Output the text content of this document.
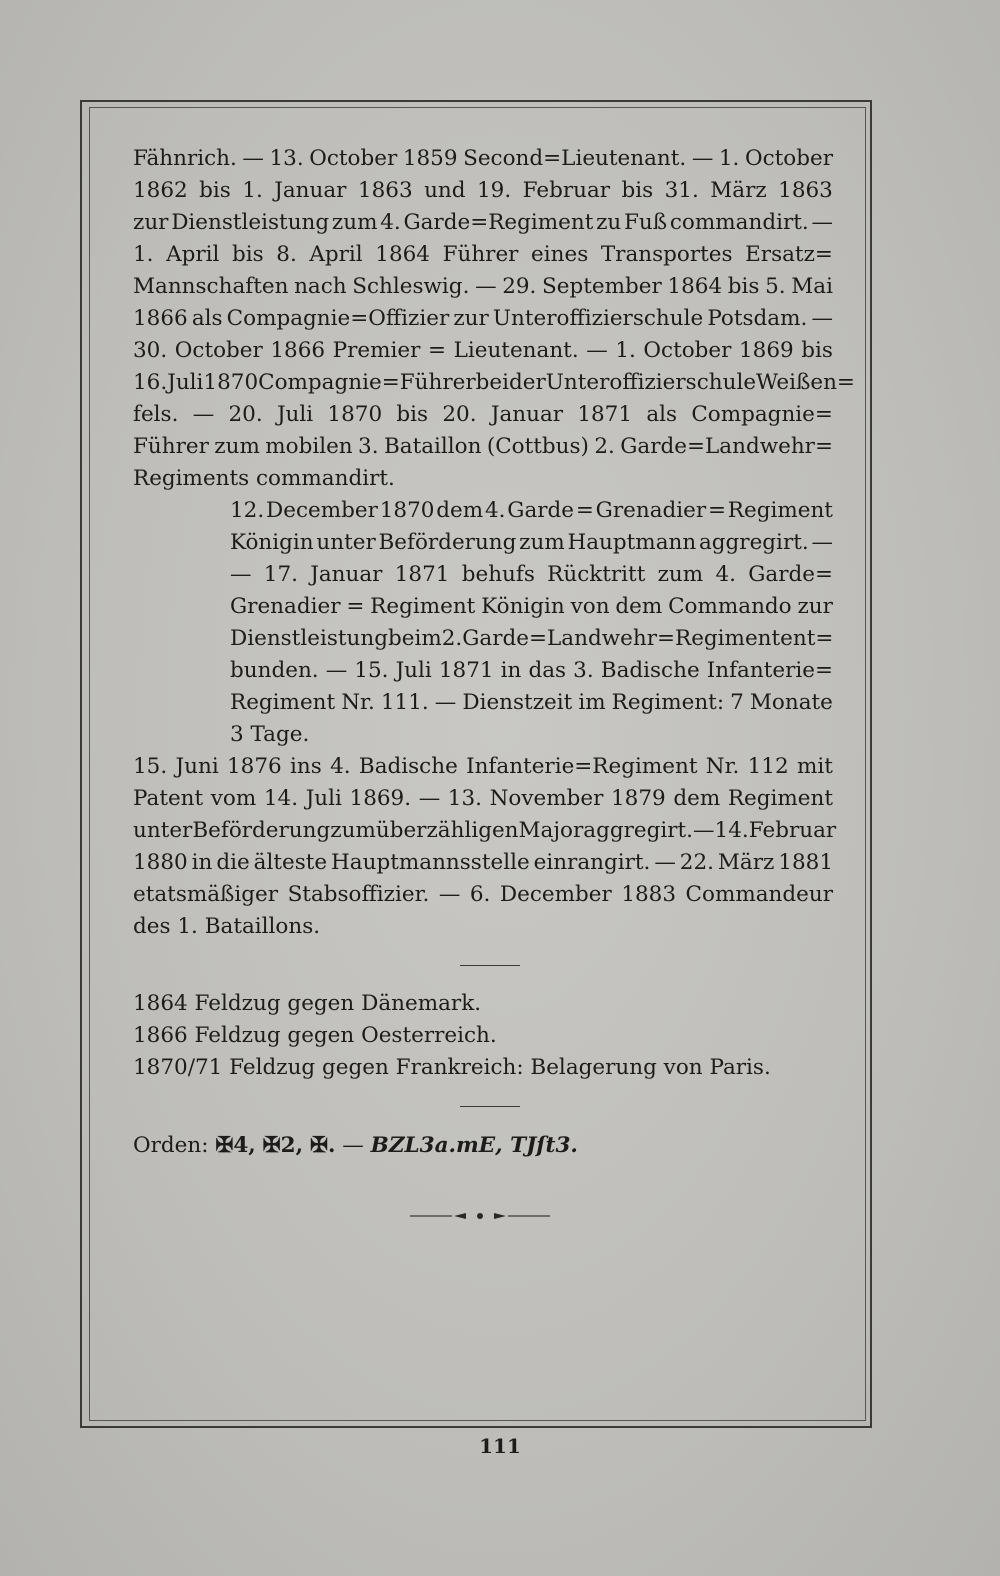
Fähnrich. — 13. October 1859 Second=Lieutenant. — 1. October
1862 bis 1. Januar 1863 und 19. Februar bis 31. März 1863
zur Dienstleistung zum 4. Garde=Regiment zu Fuß commandirt. —
1. April bis 8. April 1864 Führer eines Transportes Ersatz=
Mannschaften nach Schleswig. — 29. September 1864 bis 5. Mai
1866 als Compagnie=Offizier zur Unteroffizierschule Potsdam. —
30. October 1866 Premier = Lieutenant. — 1. October 1869 bis
16. Juli 1870 Compagnie=Führer bei der Unteroffizierschule Weißen=
fels. — 20. Juli 1870 bis 20. Januar 1871 als Compagnie=
Führer zum mobilen 3. Bataillon (Cottbus) 2. Garde=Landwehr=
Regiments commandirt.
12. December 1870 dem 4. Garde = Grenadier = Regiment
Königin unter Beförderung zum Hauptmann aggregirt. —
— 17. Januar 1871 behufs Rücktritt zum 4. Garde=
Grenadier = Regiment Königin von dem Commando zur
Dienstleistung beim 2. Garde = Landwehr = Regiment ent=
bunden. — 15. Juli 1871 in das 3. Badische Infanterie=
Regiment Nr. 111. — Dienstzeit im Regiment: 7 Monate
3 Tage.
15. Juni 1876 ins 4. Badische Infanterie=Regiment Nr. 112 mit
Patent vom 14. Juli 1869. — 13. November 1879 dem Regiment
unter Beförderung zum überzähligen Major aggregirt. — 14. Februar
1880 in die älteste Hauptmannsstelle einrangirt. — 22. März 1881
etatsmäßiger Stabsoffizier. — 6. December 1883 Commandeur
des 1. Bataillons.
1864 Feldzug gegen Dänemark.
1866 Feldzug gegen Oesterreich.
1870/71 Feldzug gegen Frankreich: Belagerung von Paris.
Orden: ✠4, ✠2, ✠. — BZL3a.mE, TJſt3.
111
